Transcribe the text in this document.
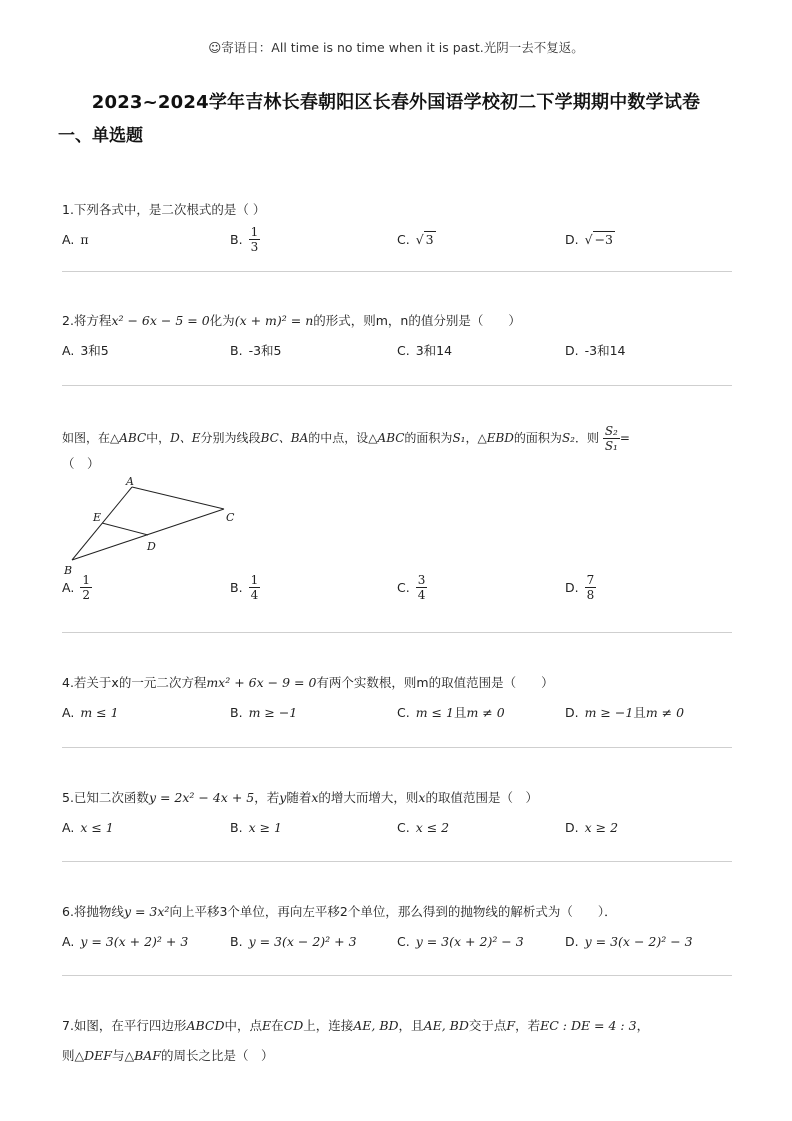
☺寄语日：All time is no time when it is past.光阴一去不复返。
2023~2024学年吉林长春朝阳区长春外国语学校初二下学期期中数学试卷
一、单选题
1.下列各式中，是二次根式的是（ ）
A. π	B. $\frac{1}{3}$	C. √ 3	D. √ −3
2.将方程x² − 6x − 5 = 0化为(x + m)² = n的形式，则m，n的值分别是（　　）
A. 3和5	B. -3和5	C. 3和14	D. -3和14
如图，在△ABC中，D、E分别为线段BC、BA的中点，设△ABC的面积为S₁，△EBD的面积为S₂．则 $\frac{\text{S₂}}{\text{S₁}}$ =
（　）
A
B
C
D
E
A. $\frac{1}{2}$	B. $\frac{1}{4}$	C. $\frac{3}{4}$	D. $\frac{7}{8}$
4.若关于x的一元二次方程mx² + 6x − 9 = 0有两个实数根，则m的取值范围是（　　）
A. m ≤ 1	B. m ≥ −1	C. m ≤ 1 且 m ≠ 0	D. m ≥ −1 且 m ≠ 0
5.已知二次函数y = 2x² − 4x + 5，若y随着x的增大而增大，则x的取值范围是（　）
A. x ≤ 1	B. x ≥ 1	C. x ≤ 2	D. x ≥ 2
6.将抛物线y = 3x²向上平移3个单位，再向左平移2个单位，那么得到的抛物线的解析式为（　　）．
A. y = 3(x + 2)² + 3	B. y = 3(x − 2)² + 3	C. y = 3(x + 2)² − 3	D. y = 3(x − 2)² − 3
7.如图，在平行四边形ABCD中，点E在CD上，连接AE, BD，且AE, BD交于点F，若EC : DE = 4 : 3，
则△DEF与△BAF的周长之比是（　）
